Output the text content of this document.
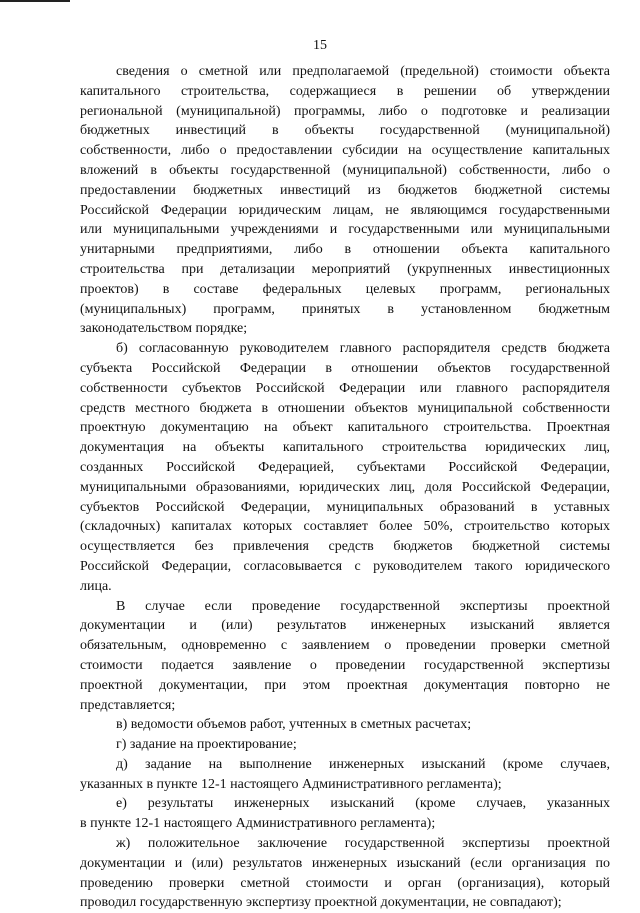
15
сведения о сметной или предполагаемой (предельной) стоимости объекта
капитального строительства, содержащиеся в решении об утверждении
региональной (муниципальной) программы, либо о подготовке и реализации
бюджетных инвестиций в объекты государственной (муниципальной)
собственности, либо о предоставлении субсидии на осуществление капитальных
вложений в объекты государственной (муниципальной) собственности, либо о
предоставлении бюджетных инвестиций из бюджетов бюджетной системы
Российской Федерации юридическим лицам, не являющимся государственными
или муниципальными учреждениями и государственными или муниципальными
унитарными предприятиями, либо в отношении объекта капитального
строительства при детализации мероприятий (укрупненных инвестиционных
проектов) в составе федеральных целевых программ, региональных
(муниципальных) программ, принятых в установленном бюджетным
законодательством порядке;
б) согласованную руководителем главного распорядителя средств бюджета
субъекта Российской Федерации в отношении объектов государственной
собственности субъектов Российской Федерации или главного распорядителя
средств местного бюджета в отношении объектов муниципальной собственности
проектную документацию на объект капитального строительства. Проектная
документация на объекты капитального строительства юридических лиц,
созданных Российской Федерацией, субъектами Российской Федерации,
муниципальными образованиями, юридических лиц, доля Российской Федерации,
субъектов Российской Федерации, муниципальных образований в уставных
(складочных) капиталах которых составляет более 50%, строительство которых
осуществляется без привлечения средств бюджетов бюджетной системы
Российской Федерации, согласовывается с руководителем такого юридического
лица.
В случае если проведение государственной экспертизы проектной
документации и (или) результатов инженерных изысканий является
обязательным, одновременно с заявлением о проведении проверки сметной
стоимости подается заявление о проведении государственной экспертизы
проектной документации, при этом проектная документация повторно не
представляется;
в) ведомости объемов работ, учтенных в сметных расчетах;
г) задание на проектирование;
д) задание на выполнение инженерных изысканий (кроме случаев,
указанных в пункте 12-1 настоящего Административного регламента);
е) результаты инженерных изысканий (кроме случаев, указанных
в пункте 12-1 настоящего Административного регламента);
ж) положительное заключение государственной экспертизы проектной
документации и (или) результатов инженерных изысканий (если организация по
проведению проверки сметной стоимости и орган (организация), который
проводил государственную экспертизу проектной документации, не совпадают);
